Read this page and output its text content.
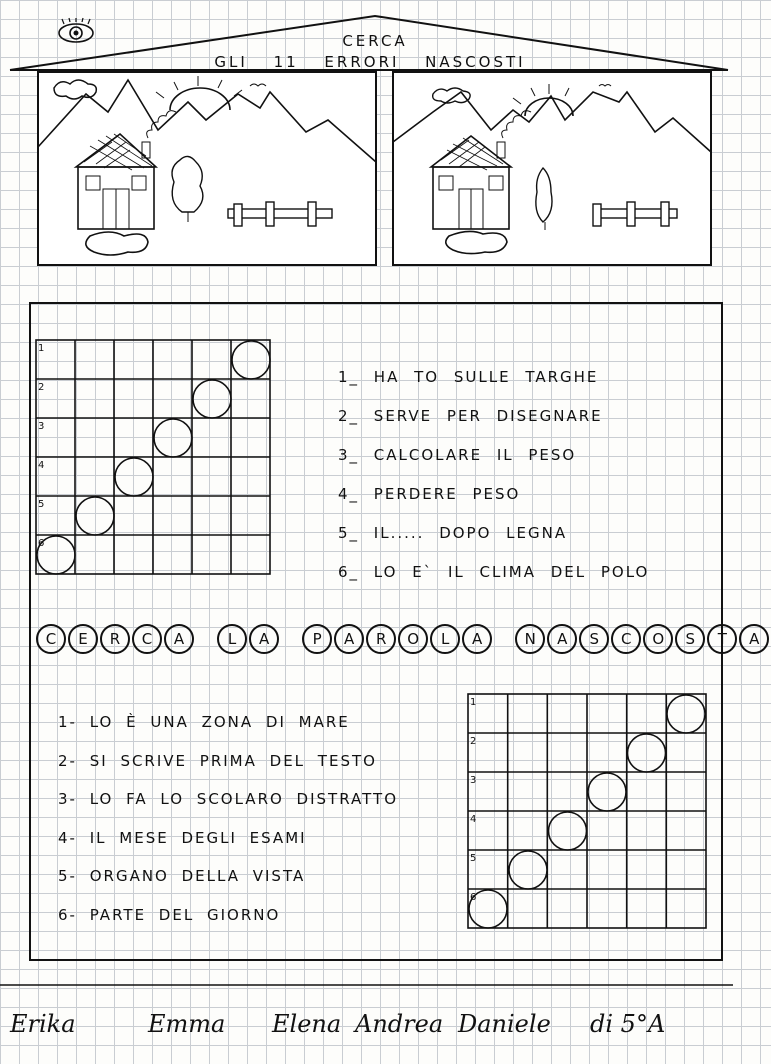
CERCA
GLI 11 ERRORI NASCOSTI
1
2
3
4
5
6
1_ HA TO SULLE TARGHE
2_ SERVE PER DISEGNARE
3_ CALCOLARE IL PESO
4_ PERDERE PESO
5_ IL..... DOPO LEGNA
6_ LO E` IL CLIMA DEL POLO
C E R C A	L A	P A R O L A	N A S C O S T A
1- LO È UNA ZONA DI MARE
2- SI SCRIVE PRIMA DEL TESTO
3- LO FA LO SCOLARO DISTRATTO
4- IL MESE DEGLI ESAMI
5- ORGANO DELLA VISTA
6- PARTE DEL GIORNO
1
2
3
4
5
6
Erika	Emma Elena Andrea Daniele di 5°A
